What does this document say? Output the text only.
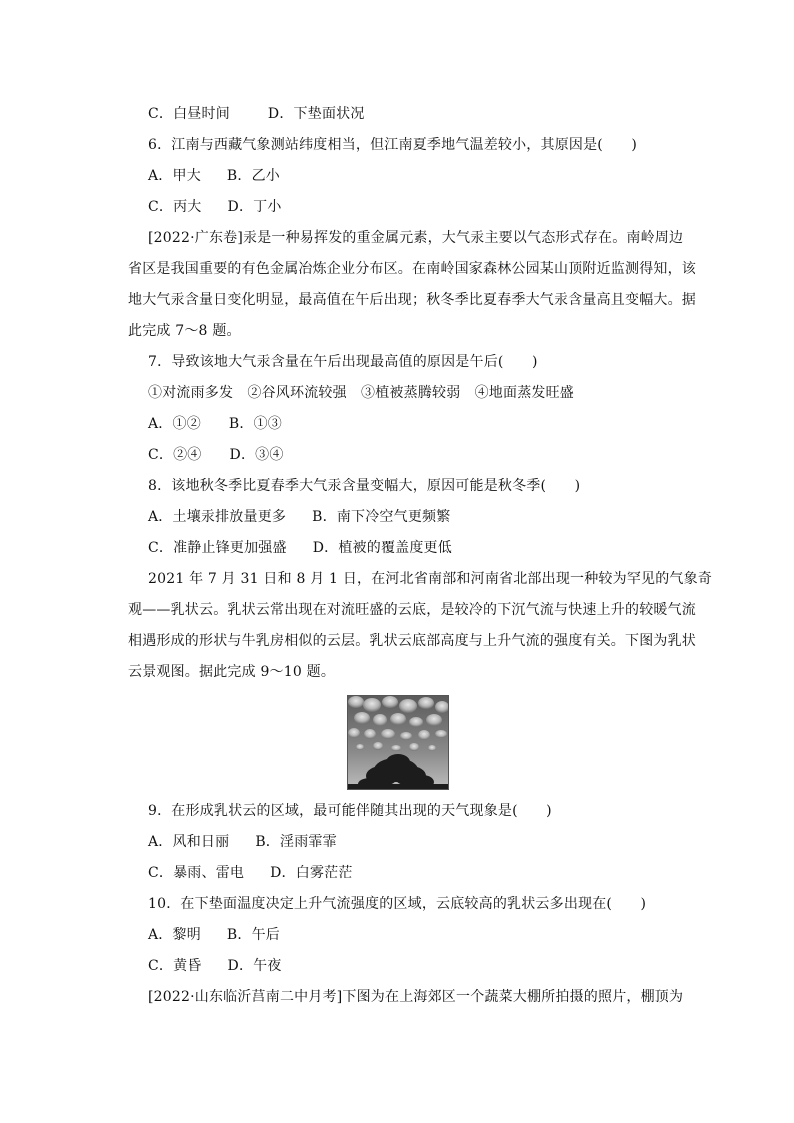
C．白昼时间	D．下垫面状况
6．江南与西藏气象测站纬度相当，但江南夏季地气温差较小，其原因是(　　)
A．甲大 B．乙小
C．丙大 D．丁小
[2022·广东卷]汞是一种易挥发的重金属元素，大气汞主要以气态形式存在。南岭周边
省区是我国重要的有色金属冶炼企业分布区。在南岭国家森林公园某山顶附近监测得知，该
地大气汞含量日变化明显，最高值在午后出现；秋冬季比夏春季大气汞含量高且变幅大。据
此完成 7～8 题。
7．导致该地大气汞含量在午后出现最高值的原因是午后(　　)
①对流雨多发　②谷风环流较强　③植被蒸腾较弱　④地面蒸发旺盛
A．①② B．①③
C．②④ D．③④
8．该地秋冬季比夏春季大气汞含量变幅大，原因可能是秋冬季(　　)
A．土壤汞排放量更多 B．南下冷空气更频繁
C．准静止锋更加强盛 D．植被的覆盖度更低
2021 年 7 月 31 日和 8 月 1 日，在河北省南部和河南省北部出现一种较为罕见的气象奇
观——乳状云。乳状云常出现在对流旺盛的云底，是较冷的下沉气流与快速上升的较暖气流
相遇形成的形状与牛乳房相似的云层。乳状云底部高度与上升气流的强度有关。下图为乳状
云景观图。据此完成 9～10 题。
9．在形成乳状云的区域，最可能伴随其出现的天气现象是(　　)
A．风和日丽 B．淫雨霏霏
C．暴雨、雷电 D．白雾茫茫
10．在下垫面温度决定上升气流强度的区域，云底较高的乳状云多出现在(　　)
A．黎明 B．午后
C．黄昏 D．午夜
[2022·山东临沂莒南二中月考]下图为在上海郊区一个蔬菜大棚所拍摄的照片，棚顶为
